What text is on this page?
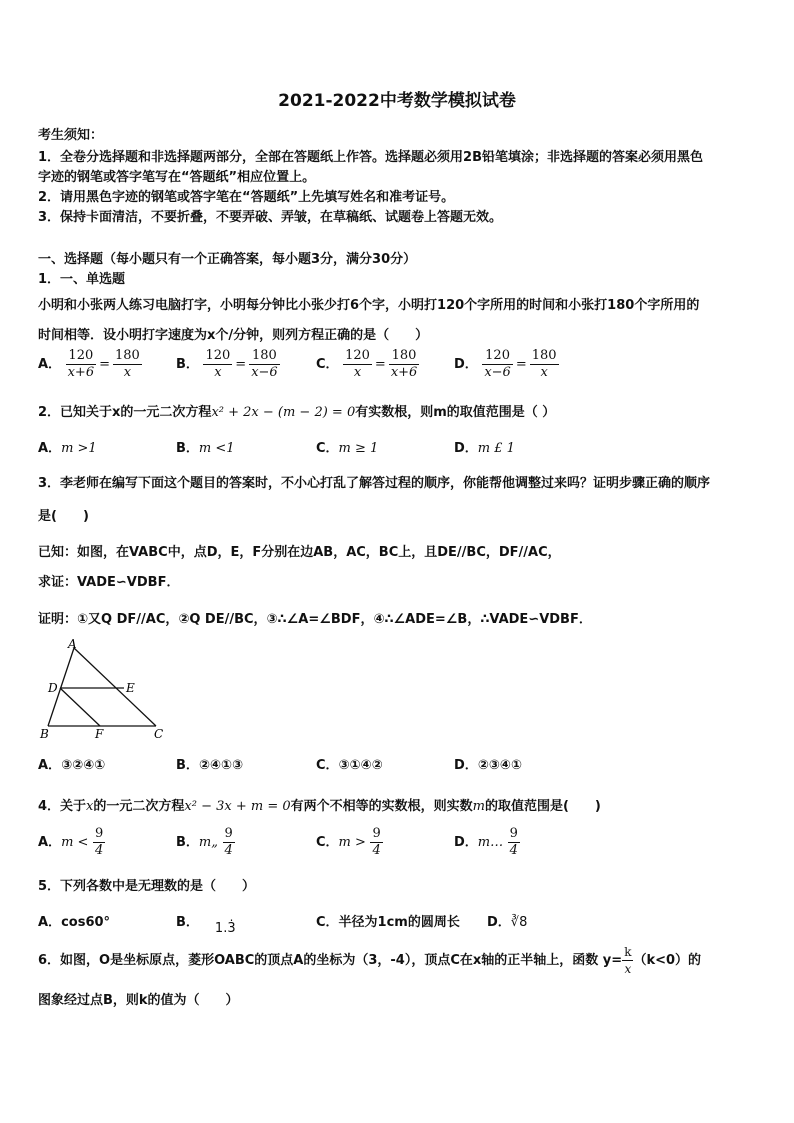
2021-2022中考数学模拟试卷
考生须知：
1．全卷分选择题和非选择题两部分，全部在答题纸上作答。选择题必须用2B铅笔填涂；非选择题的答案必须用黑色
字迹的钢笔或答字笔写在“答题纸”相应位置上。
2．请用黑色字迹的钢笔或答字笔在“答题纸”上先填写姓名和准考证号。
3．保持卡面清洁，不要折叠，不要弄破、弄皱，在草稿纸、试题卷上答题无效。
一、选择题（每小题只有一个正确答案，每小题3分，满分30分）
1．一、单选题
小明和小张两人练习电脑打字，小明每分钟比小张少打6个字，小明打120个字所用的时间和小张打180个字所用的
时间相等．设小明打字速度为x个/分钟，则列方程正确的是（　　）
A． $\frac{120}{x+6} = \frac{180}{x}$	B． $\frac{120}{x} = \frac{180}{x-6}$	C． $\frac{120}{x} = \frac{180}{x+6}$	D． $\frac{120}{x-6} = \frac{180}{x}$
2．已知关于x的一元二次方程x² + 2x − (m − 2) = 0有实数根，则m的取值范围是（ ）
A．m >1	B．m <1	C．m ≥ 1	D．m £ 1
3．李老师在编写下面这个题目的答案时，不小心打乱了解答过程的顺序，你能帮他调整过来吗？证明步骤正确的顺序
是(　　)
已知：如图，在VABC中，点D，E，F分别在边AB，AC，BC上，且DE//BC，DF//AC，
求证：VADE∽VDBF．
证明：①又Q DF//AC，②Q DE//BC，③∴∠A=∠BDF，④∴∠ADE=∠B，∴VADE∽VDBF．
A
D	E
B	F	C
A．③②④①	B．②④①③	C．③①④②	D．②③④①
4．关于x的一元二次方程x² − 3x + m = 0有两个不相等的实数根，则实数m的取值范围是(　　)
A．$m < \frac{9}{4}$	B．m„ $\frac{9}{4}$	C．$m > \frac{9}{4}$	D．m… $\frac{9}{4}$
5．下列各数中是无理数的是（　　）
A．cos60°	B． 1.3̇	C．半径为1cm的圆周长 D．∛8
6．如图，O是坐标原点，菱形OABC的顶点A的坐标为（3，-4），顶点C在x轴的正半轴上，函数 $y= \frac{k}{x} (k<0)$的
图象经过点B，则k的值为（　　）
